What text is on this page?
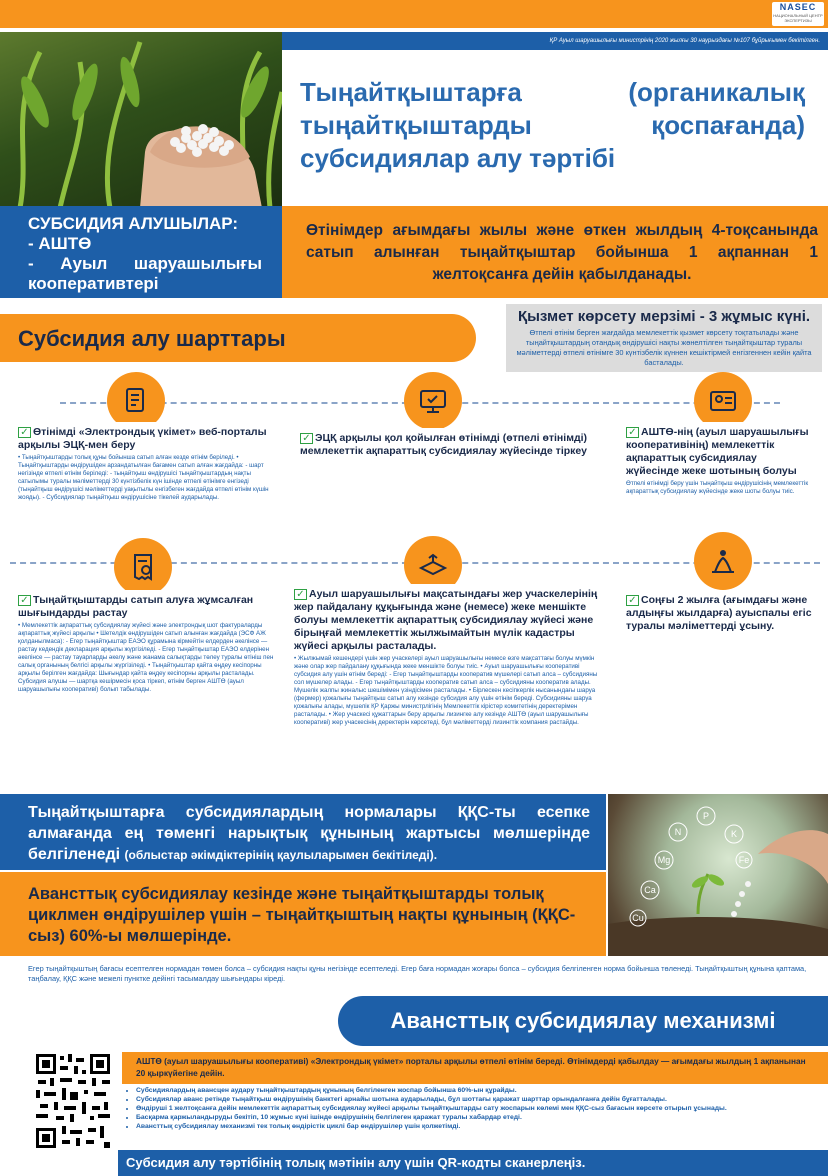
NASEC
НАЦИОНАЛЬНЫЙ ЦЕНТР ЭКСПЕРТИЗЫ
ҚР Ауыл шаруашылығы министрінің 2020 жылғы 30 наурыздағы №107 бұйрығымен бекітілген.
Тыңайтқыштарға (органикалық тыңайтқыштарды қоспағанда) субсидиялар алу тәртібі

СУБСИДИЯ АЛУШЫЛАР:

- АШТӨ

- Ауыл шаруашылығы кооперативтері

Өтінімдер ағымдағы жылы және өткен жылдың 4-тоқсанында сатып алынған тыңайтқыштар бойынша 1 ақпаннан 1 желтоқсанға дейін қабылданады.
Субсидия алу шарттары
Қызмет көрсету мерзімі - 3 жұмыс күні.
Өтпелі өтінім берген жағдайда мемлекеттік қызмет көрсету тоқтатылады және тыңайтқыштардың отандық өндірушісі нақты жөнелтілген тыңайтқыштар туралы мәліметтерді өтпелі өтінімге 30 күнтізбелік күннен кешіктірмей енгізгеннен кейін қайта басталады.
✓ Өтінімді «Электрондық үкімет» веб-порталы арқылы ЭЦҚ-мен беру
• Тыңайтқыштарды толық құны бойынша сатып алған кезде өтінім беріледі. • Тыңайтқыштарды өндірушіден арзандатылған бағамен сатып алған жағдайда: - шарт негізінде өтпелі өтінім беріледі: - тыңайтқыш өндірушісі тыңайтқыштардың нақты сатылымы туралы мәліметтерді 30 күнтізбелік күн ішінде өтпелі өтінімге енгізеді (тыңайтқыш өндірушісі мәліметтерді уақытылы енгізбеген жағдайда өтпелі өтінім күшін жояды). - Субсидиялар тыңайтқыш өндірушісіне тікелей аударылады.
✓ ЭЦҚ арқылы қол қойылған өтінімді (өтпелі өтінімді) мемлекеттік ақпараттық субсидиялау жүйесінде тіркеу
✓ АШТӨ-нің (ауыл шаруашылығы кооперативінің) мемлекеттік ақпараттық субсидиялау жүйесінде жеке шотының болуы
Өтпелі өтінімді беру үшін тыңайтқыш өндірушісінің мемлекеттік ақпараттық субсидиялау жүйесінде жеке шоты болуы тиіс.
✓ Тыңайтқыштарды сатып алуға жұмсалған шығындарды растау
• Мемлекеттік ақпараттық субсидиялау жүйесі және электрондық шот фактураларды ақпараттық жүйесі арқылы • Шетелдік өндірушіден сатып алынған жағдайда (ЭСФ АЖ қолданылмаса): - Егер тыңайтқыштар ЕАЭО құрамына кірмейтін елдерден әкелінсе — растау кедендік декларация арқылы жүргізіледі. - Егер тыңайтқыштар ЕАЭО елдерінен әкелінсе — растау тауарларды әкелу және жанама салықтарды төлеу туралы өтініш пен салық органының белгісі арқылы жүргізіледі. • Тыңайтқыштар қайта өңдеу кесіпорны арқылы берілген жағдайда: Шығындар қайта өңдеу кесіпорны арқылы расталады. Субсидия алушы — шартқа кешірмесін қоса тіркеп, өтінім берген АШТӨ (ауыл шаруашылығы кооперативі) болып табылады.
✓ Ауыл шаруашылығы мақсатындағы жер учаскелерінің жер пайдалану құқығында және (немесе) жеке меншікте болуы мемлекеттік ақпараттық субсидиялау жүйесі және бірыңғай мемлекеттік жылжымайтын мүлік кадастры жүйесі арқылы расталады.
• Жылжымай кешендері үшін жер учаскелері ауыл шаруашылығы немесе өзге мақсаттағы болуы мүмкін және олар жер пайдалану құқығында жеке меншікте болуы тиіс. • Ауыл шаруашылығы кооперативі субсидия алу үшін өтінім береді: - Егер тыңайтқыштарды кооператив мүшелері сатып алса – субсидияны сол мүшелер алады. - Егер тыңайтқыштарды кооператив сатып алса – субсидияны кооператив алады. Мүшелік жалпы жиналыс шешімімен үзіндісімен расталады. • Бірлескен кесіпкерлік нысанындағы шаруа (фермер) қожалығы тыңайтқыш сатып алу кезінде субсидия алу үшін өтінім береді. Субсидияны шаруа қожалығы алады, мүшелік ҚР Қаржы министрлігінің Мемлекеттік кірістер комитетінің деректерімен расталады. • Жер учаскесі құжаттарын беру арқылы лизингке алу кезінде АШТӨ (ауыл шаруашылығы кооперативі) жер учаскесінің деректерін көрсетеді, бұл мәліметтерді лизингтік компания растайды.
✓ Соңғы 2 жылға (ағымдағы және алдыңғы жылдарға) ауыспалы егіс туралы мәліметтерді ұсыну.
Тыңайтқыштарға субсидиялардың нормалары ҚҚС-ты есепке алмағанда ең төменгі нарықтық құнының жартысы мөлшерінде белгіленеді (облыстар әкімдіктерінің қаулыларымен бекітіледі).
Авансттық субсидиялау кезінде және тыңайтқыштарды толық циклмен өндірушілер үшін – тыңайтқыштың нақты құнының (ҚҚС-сыз) 60%-ы мөлшерінде.
N
P
K
Mg
Ca
Cu
Fe
Егер тыңайтқыштың бағасы есептелген нормадан төмен болса – субсидия нақты құны негізінде есептеледі. Егер баға нормадан жоғары болса – субсидия белгіленген норма бойынша төленеді. Тыңайтқыштың құнына қаптама, таңбалау, ҚҚС және межелі пунктке дейінгі тасымалдау шығындары кіреді.
Авансттық субсидиялау механизмі
АШТӨ (ауыл шаруашылығы кооперативі) «Электрондық үкімет» порталы арқылы өтпелі өтінім береді. Өтінімдерді қабылдау — ағымдағы жылдың 1 ақпанынан 20 қыркүйегіне дейін.
• Субсидиялардың авансцен аудару тыңайтқыштардың құнының белгіленген жоспар бойынша 60%-ын құрайды.
• Субсидиялар аванс ретінде тыңайтқыш өндірушінің банктегі арнайы шотына аударылады, бұл шоттағы қаражат шарттар орындалғанға дейін бұғатталады.
• Өндіруші 1 желтоқсанға дейін мемлекеттік ақпараттық субсидиялау жүйесі арқылы тыңайтқыштарды сату жоспарын көлемі мен ҚҚС-сыз бағасын көрсете отырып ұсынады.
• Басқарма қаржыландыруды бекітіп, 10 жұмыс күні ішінде өндірушінің белгілеген қаражат туралы хабардар етеді.
• Авансттық субсидиялау механизмі тек толық өндірістік циклі бар өндірушілер үшін қолжетімді.
Субсидия алу тәртібінің толық мәтінін алу үшін QR-кодты сканерлеңіз.
